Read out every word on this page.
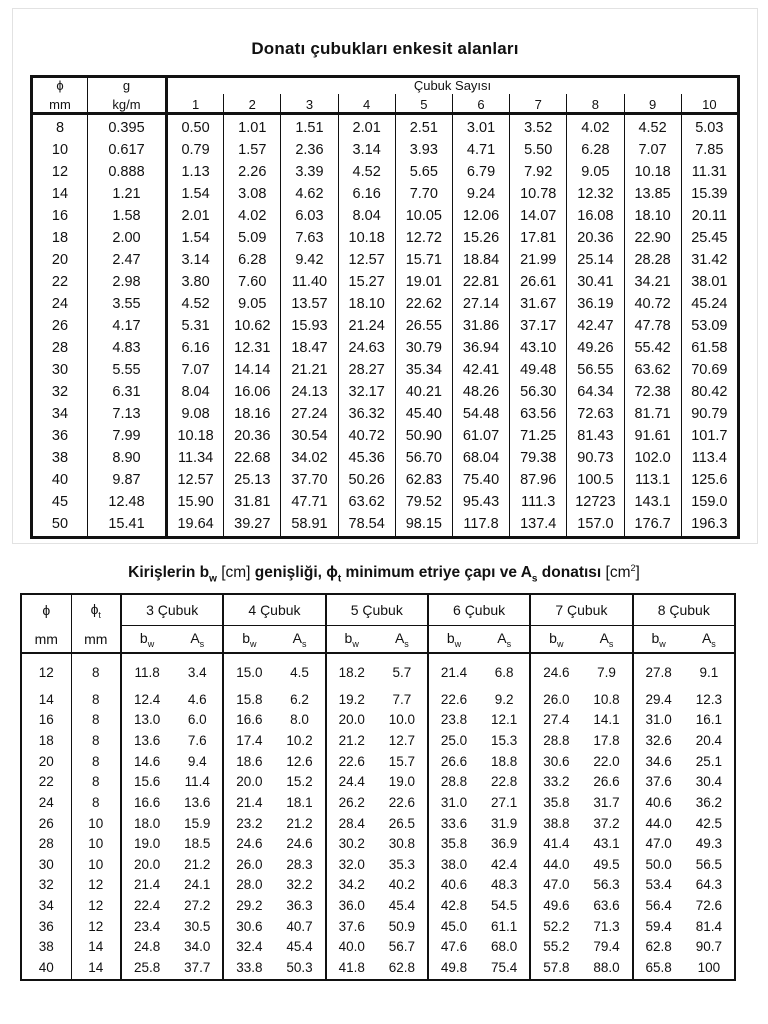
Donatı çubukları enkesit alanları
ϕ	g	Çubuk Sayısı									
mm	kg/m	1	2	3	4	5	6	7	8	9	10
8	0.395	0.50	1.01	1.51	2.01	2.51	3.01	3.52	4.02	4.52	5.03
10	0.617	0.79	1.57	2.36	3.14	3.93	4.71	5.50	6.28	7.07	7.85
12	0.888	1.13	2.26	3.39	4.52	5.65	6.79	7.92	9.05	10.18	11.31
14	1.21	1.54	3.08	4.62	6.16	7.70	9.24	10.78	12.32	13.85	15.39
16	1.58	2.01	4.02	6.03	8.04	10.05	12.06	14.07	16.08	18.10	20.11
18	2.00	1.54	5.09	7.63	10.18	12.72	15.26	17.81	20.36	22.90	25.45
20	2.47	3.14	6.28	9.42	12.57	15.71	18.84	21.99	25.14	28.28	31.42
22	2.98	3.80	7.60	11.40	15.27	19.01	22.81	26.61	30.41	34.21	38.01
24	3.55	4.52	9.05	13.57	18.10	22.62	27.14	31.67	36.19	40.72	45.24
26	4.17	5.31	10.62	15.93	21.24	26.55	31.86	37.17	42.47	47.78	53.09
28	4.83	6.16	12.31	18.47	24.63	30.79	36.94	43.10	49.26	55.42	61.58
30	5.55	7.07	14.14	21.21	28.27	35.34	42.41	49.48	56.55	63.62	70.69
32	6.31	8.04	16.06	24.13	32.17	40.21	48.26	56.30	64.34	72.38	80.42
34	7.13	9.08	18.16	27.24	36.32	45.40	54.48	63.56	72.63	81.71	90.79
36	7.99	10.18	20.36	30.54	40.72	50.90	61.07	71.25	81.43	91.61	101.7
38	8.90	11.34	22.68	34.02	45.36	56.70	68.04	79.38	90.73	102.0	113.4
40	9.87	12.57	25.13	37.70	50.26	62.83	75.40	87.96	100.5	113.1	125.6
45	12.48	15.90	31.81	47.71	63.62	79.52	95.43	111.3	12723	143.1	159.0
50	15.41	19.64	39.27	58.91	78.54	98.15	117.8	137.4	157.0	176.7	196.3
Kirişlerin $b_w$ [cm] genişliği, $\phi_t$ minimum etriye çapı ve $A_s$ donatısı $[cm^2]$
ϕ	$\phi_t$	3 Çubuk		4 Çubuk		5 Çubuk		6 Çubuk		7 Çubuk		8 Çubuk	
mm	mm	$b_w$	$A_s$	$b_w$	$A_s$	$b_w$	$A_s$	$b_w$	$A_s$	$b_w$	$A_s$	$b_w$	$A_s$
12	8	11.8	3.4	15.0	4.5	18.2	5.7	21.4	6.8	24.6	7.9	27.8	9.1
14	8	12.4	4.6	15.8	6.2	19.2	7.7	22.6	9.2	26.0	10.8	29.4	12.3
16	8	13.0	6.0	16.6	8.0	20.0	10.0	23.8	12.1	27.4	14.1	31.0	16.1
18	8	13.6	7.6	17.4	10.2	21.2	12.7	25.0	15.3	28.8	17.8	32.6	20.4
20	8	14.6	9.4	18.6	12.6	22.6	15.7	26.6	18.8	30.6	22.0	34.6	25.1
22	8	15.6	11.4	20.0	15.2	24.4	19.0	28.8	22.8	33.2	26.6	37.6	30.4
24	8	16.6	13.6	21.4	18.1	26.2	22.6	31.0	27.1	35.8	31.7	40.6	36.2
26	10	18.0	15.9	23.2	21.2	28.4	26.5	33.6	31.9	38.8	37.2	44.0	42.5
28	10	19.0	18.5	24.6	24.6	30.2	30.8	35.8	36.9	41.4	43.1	47.0	49.3
30	10	20.0	21.2	26.0	28.3	32.0	35.3	38.0	42.4	44.0	49.5	50.0	56.5
32	12	21.4	24.1	28.0	32.2	34.2	40.2	40.6	48.3	47.0	56.3	53.4	64.3
34	12	22.4	27.2	29.2	36.3	36.0	45.4	42.8	54.5	49.6	63.6	56.4	72.6
36	12	23.4	30.5	30.6	40.7	37.6	50.9	45.0	61.1	52.2	71.3	59.4	81.4
38	14	24.8	34.0	32.4	45.4	40.0	56.7	47.6	68.0	55.2	79.4	62.8	90.7
40	14	25.8	37.7	33.8	50.3	41.8	62.8	49.8	75.4	57.8	88.0	65.8	100
